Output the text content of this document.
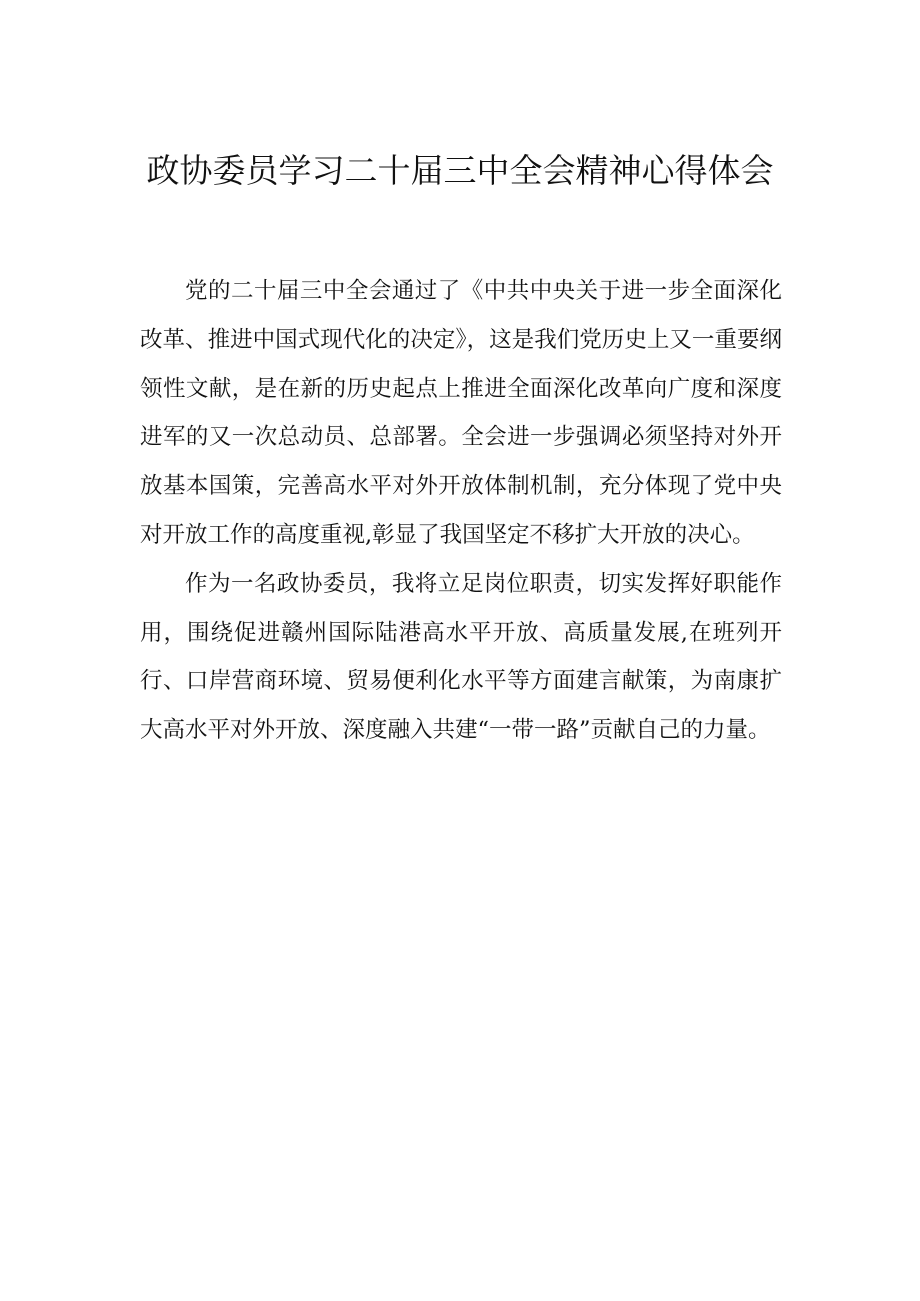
政协委员学习二十届三中全会精神心得体会

党的二十届三中全会通过了《中共中央关于进一步全面深化改革、推进中国式现代化的决定》，这是我们党历史上又一重要纲领性文献，是在新的历史起点上推进全面深化改革向广度和深度进军的又一次总动员、总部署。全会进一步强调必须坚持对外开放基本国策，完善高水平对外开放体制机制，充分体现了党中央对开放工作的高度重视,彰显了我国坚定不移扩大开放的决心。

作为一名政协委员，我将立足岗位职责，切实发挥好职能作用，围绕促进赣州国际陆港高水平开放、高质量发展,在班列开行、口岸营商环境、贸易便利化水平等方面建言献策，为南康扩大高水平对外开放、深度融入共建“一带一路”贡献自己的力量。
